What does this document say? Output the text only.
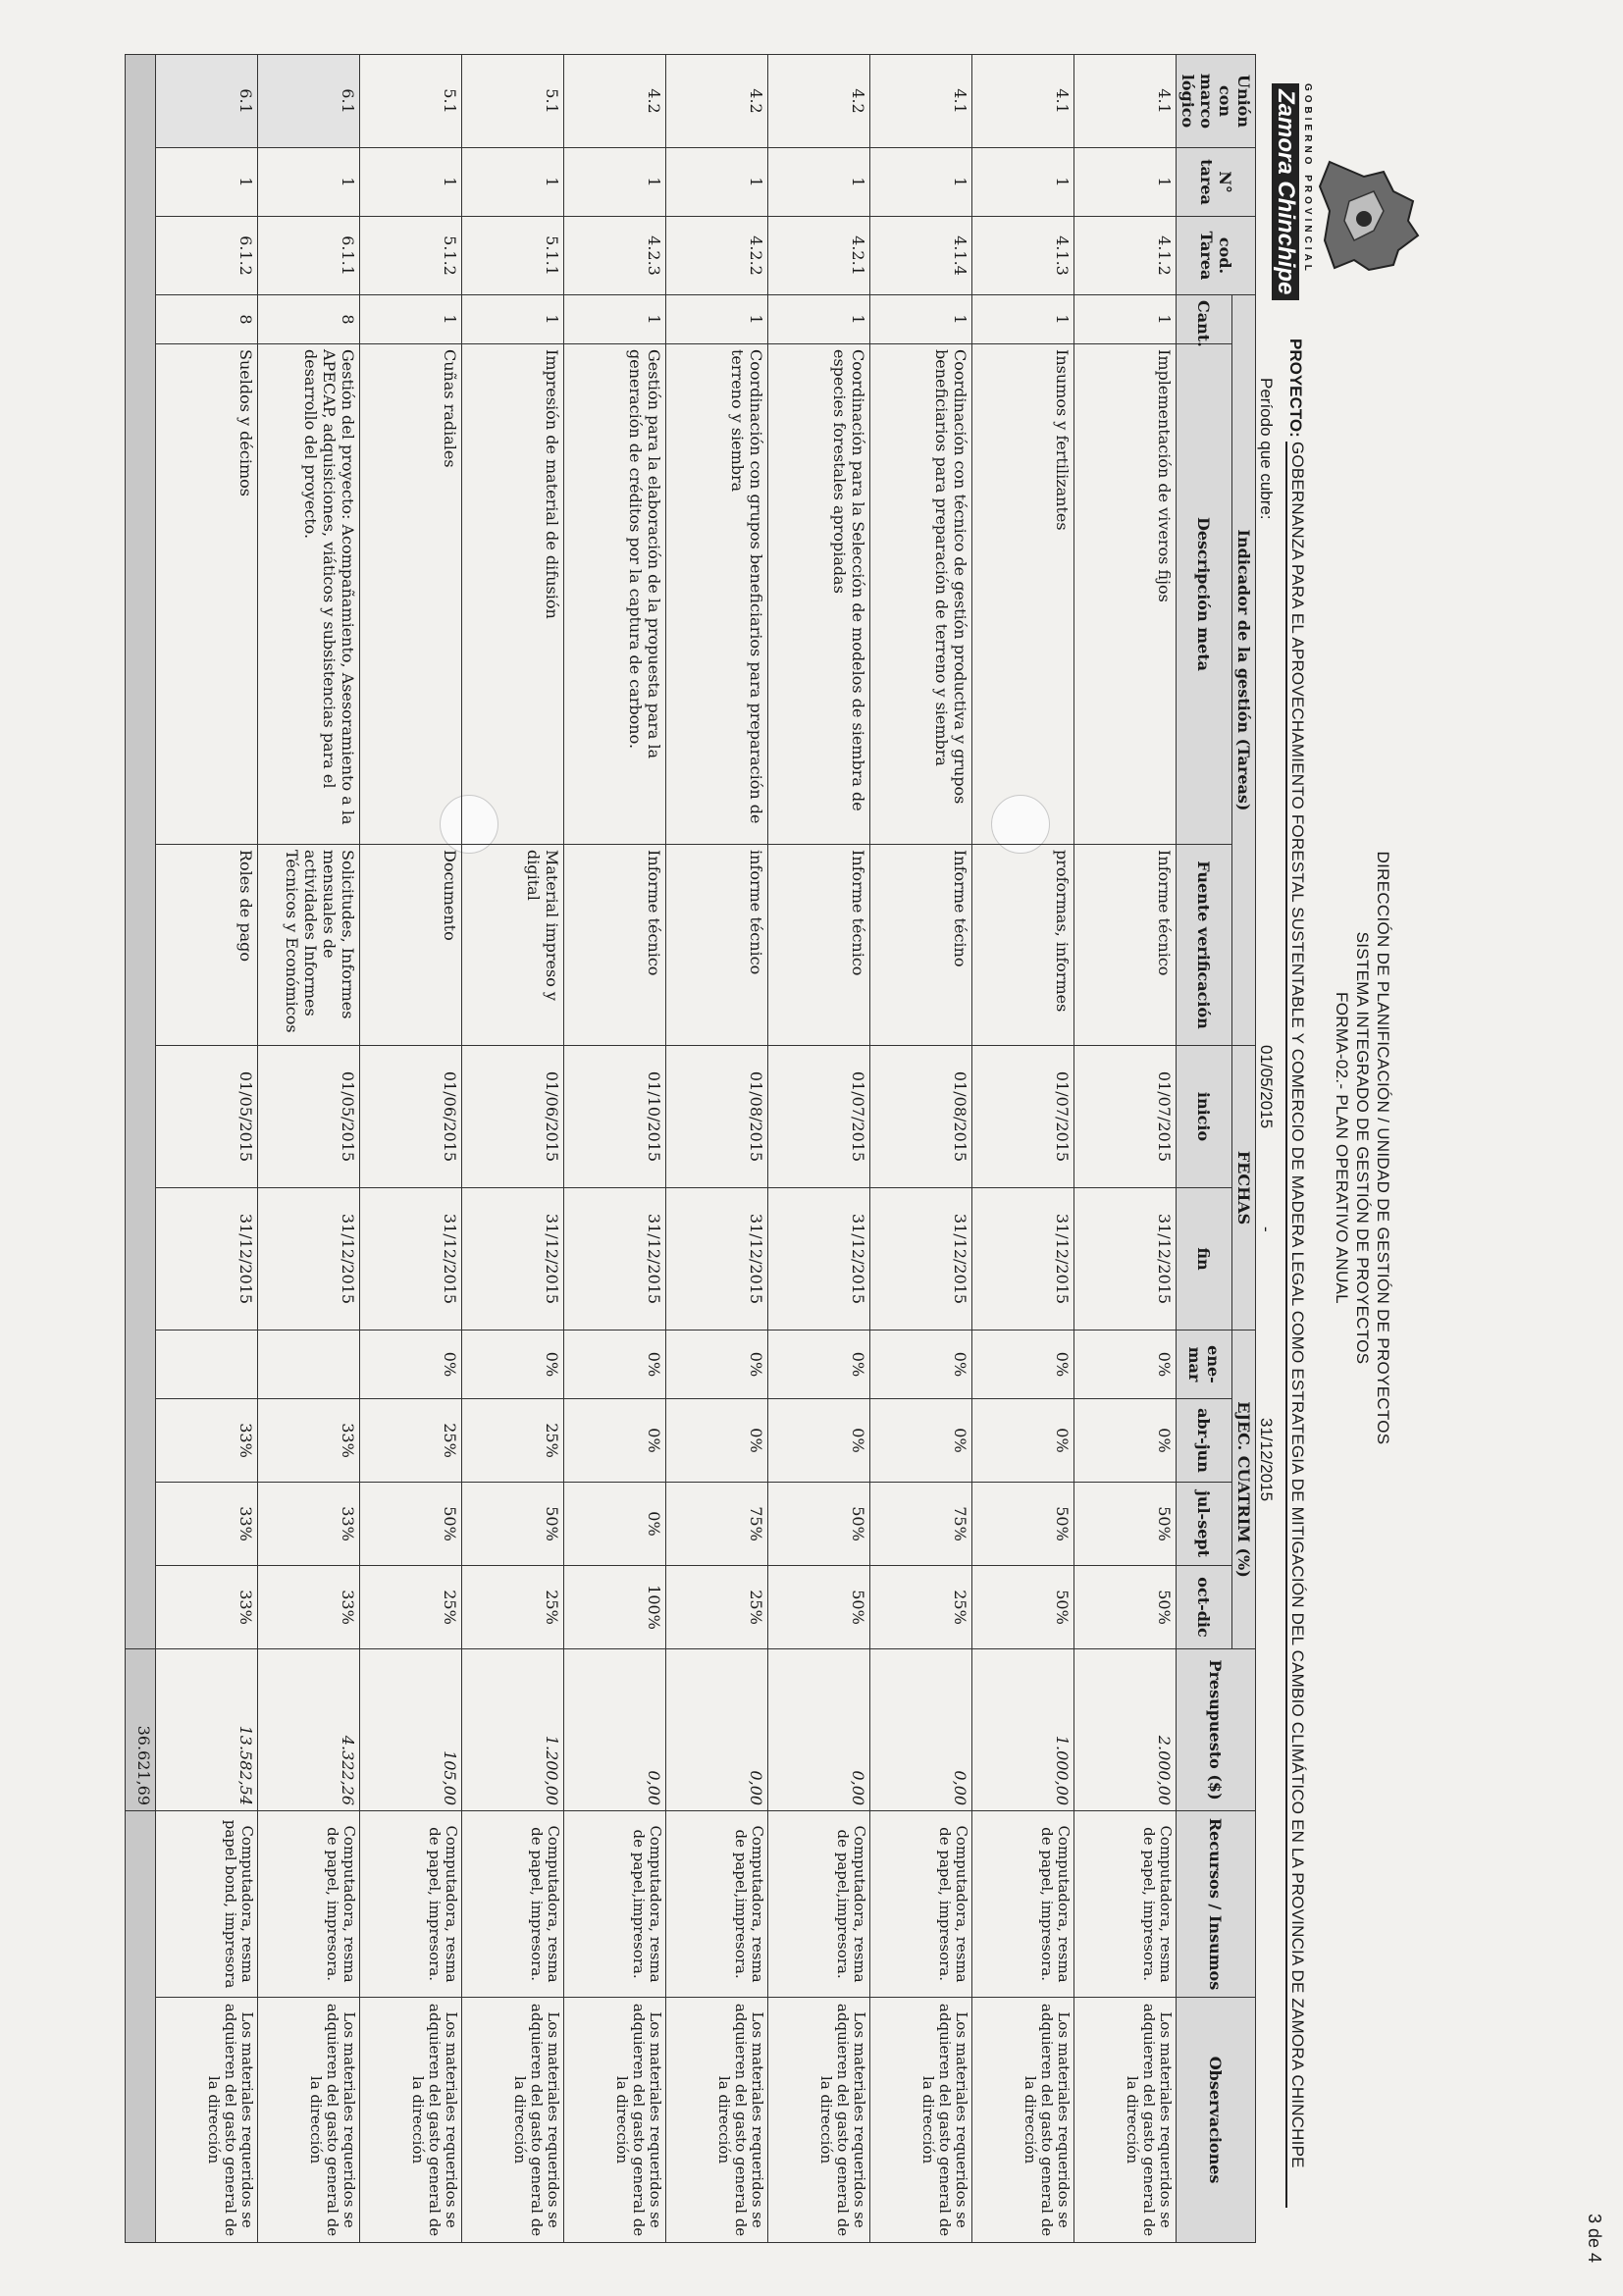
GOBIERNO PROVINCIAL
Zamora Chinchipe
DIRECCIÓN DE PLANIFICACIÓN / UNIDAD DE GESTIÓN DE PROYECTOS
SISTEMA INTEGRADO DE GESTIÓN DE PROYECTOS
FORMA-02.- PLAN OPERATIVO ANUAL
PROYECTO:
GOBERNANZA PARA EL APROVECHAMIENTO FORESTAL SUSTENTABLE Y COMERCIO DE MADERA LEGAL COMO ESTRATEGIA DE MITIGACIÓN DEL CAMBIO CLIMÁTICO EN LA PROVINCIA DE ZAMORA CHINCHIPE
Período que cubre:
01/05/2015
-
31/12/2015
Unión con marco lógico	N° tarea	cod. Tarea	Indicador de la gestión (Tareas)			FECHAS		EJEC. CUATRIM (%)				Presupuesto ($)	Recursos / Insumos	Observaciones
			Cant.	Descripción meta	Fuente verificación	inicio	fin	ene-mar	abr-jun	jul-sept	oct-dic			

4.1	1	4.1.2	1	Implementación de viveros fijos	Informe técnico	01/07/2015	31/12/2015	0%	0%	50%	50%	2.000,00	Computadora, resma de papel, impresora.	Los materiales requeridos se adquieren del gasto general de la dirección
4.1	1	4.1.3	1	Insumos y fertilizantes	proformas, informes	01/07/2015	31/12/2015	0%	0%	50%	50%	1.000,00	Computadora, resma de papel, impresora.	Los materiales requeridos se adquieren del gasto general de la dirección
4.1	1	4.1.4	1	Coordinación con técnico de gestión productiva y grupos beneficiarios para preparación de terreno y siembra	Informe técino	01/08/2015	31/12/2015	0%	0%	75%	25%	0,00	Computadora, resma de papel, impresora.	Los materiales requeridos se adquieren del gasto general de la dirección
4.2	1	4.2.1	1	Coordinación para la Selección de modelos de siembra de especies forestales apropiadas	Informe técnico	01/07/2015	31/12/2015	0%	0%	50%	50%	0,00	Computadora, resma de papel,impresora.	Los materiales requeridos se adquieren del gasto general de la dirección
4.2	1	4.2.2	1	Coordinación con grupos beneficiarios para preparación de terreno y siembra	informe técnico	01/08/2015	31/12/2015	0%	0%	75%	25%	0,00	Computadora, resma de papel,impresora.	Los materiales requeridos se adquieren del gasto general de la dirección
4.2	1	4.2.3	1	Gestión para la elaboración de la propuesta para la generación de créditos por la captura de carbono.	Informe técnico	01/10/2015	31/12/2015	0%	0%	0%	100%	0,00	Computadora, resma de papel,impresora.	Los materiales requeridos se adquieren del gasto general de la dirección
5.1	1	5.1.1	1	Impresión de material de difusión	Material impreso y digital	01/06/2015	31/12/2015	0%	25%	50%	25%	1.200,00	Computadora, resma de papel, impresora.	Los materiales requeridos se adquieren del gasto general de la dirección
5.1	1	5.1.2	1	Cuñas radiales	Documento	01/06/2015	31/12/2015	0%	25%	50%	25%	105,00	Computadora, resma de papel, impresora.	Los materiales requeridos se adquieren del gasto general de la dirección
6.1	1	6.1.1	8	Gestión del proyecto: Acompañamiento, Asesoramiento a la APECAP, adquisiciones, viáticos y subsistencias para el desarrollo del proyecto.	Solicitudes, Informes mensuales de actividades Informes Técnicos y Económicos	01/05/2015	31/12/2015		33%	33%	33%	4.322,26	Computadora, resma de papel, impresora.	Los materiales requeridos se adquieren del gasto general de la dirección
6.1	1	6.1.2	8	Sueldos y décimos	Roles de pago	01/05/2015	31/12/2015		33%	33%	33%	13.582,54	Computadora, resma papel bond, impresora	Los materiales requeridos se adquieren del gasto general de la dirección
												36.621,69		
3 de 4
